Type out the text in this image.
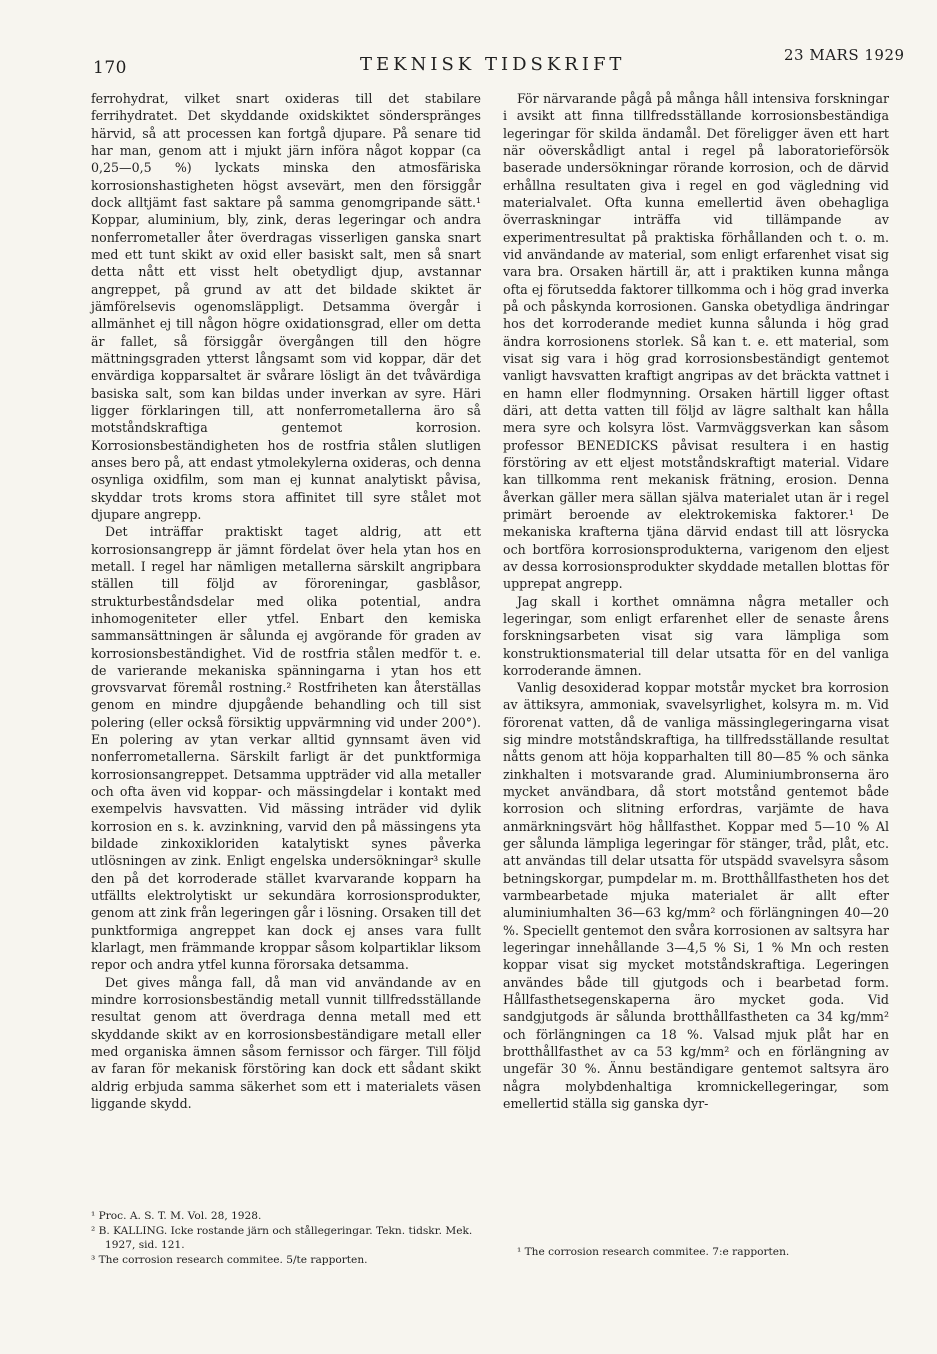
170	TEKNISK TIDSKRIFT	23 MARS 1929

ferrohydrat, vilket snart oxideras till det stabilare ferrihydratet. Det skyddande oxidskiktet sönderspränges härvid, så att processen kan fortgå djupare. På senare tid har man, genom att i mjukt järn införa något koppar (ca 0,25—0,5 %) lyckats minska den atmosfäriska korrosionshastigheten högst avsevärt, men den försiggår dock alltjämt fast saktare på samma genomgripande sätt.¹ Koppar, aluminium, bly, zink, deras legeringar och andra nonferrometaller åter överdragas visserligen ganska snart med ett tunt skikt av oxid eller basiskt salt, men så snart detta nått ett visst helt obetydligt djup, avstannar angreppet, på grund av att det bildade skiktet är jämförelsevis ogenomsläppligt. Detsamma övergår i allmänhet ej till någon högre oxidationsgrad, eller om detta är fallet, så försiggår övergången till den högre mättningsgraden ytterst långsamt som vid koppar, där det envärdiga kopparsaltet är svårare lösligt än det tvåvärdiga basiska salt, som kan bildas under inverkan av syre. Häri ligger förklaringen till, att nonferrometallerna äro så motståndskraftiga gentemot korrosion. Korrosionsbeständigheten hos de rostfria stålen slutligen anses bero på, att endast ytmolekylerna oxideras, och denna osynliga oxidfilm, som man ej kunnat analytiskt påvisa, skyddar trots kroms stora affinitet till syre stålet mot djupare angrepp.

Det inträffar praktiskt taget aldrig, att ett korrosionsangrepp är jämnt fördelat över hela ytan hos en metall. I regel har nämligen metallerna särskilt angripbara ställen till följd av föroreningar, gasblåsor, strukturbeståndsdelar med olika potential, andra inhomogeniteter eller ytfel. Enbart den kemiska sammansättningen är sålunda ej avgörande för graden av korrosionsbeständighet. Vid de rostfria stålen medför t. e. de varierande mekaniska spänningarna i ytan hos ett grovsvarvat föremål rostning.² Rostfriheten kan återställas genom en mindre djupgående behandling och till sist polering (eller också försiktig uppvärmning vid under 200°). En polering av ytan verkar alltid gynnsamt även vid nonferrometallerna. Särskilt farligt är det punktformiga korrosionsangreppet. Detsamma uppträder vid alla metaller och ofta även vid koppar- och mässingdelar i kontakt med exempelvis havsvatten. Vid mässing inträder vid dylik korrosion en s. k. avzinkning, varvid den på mässingens yta bildade zinkoxikloriden katalytiskt synes påverka utlösningen av zink. Enligt engelska undersökningar³ skulle den på det korroderade stället kvarvarande kopparn ha utfällts elektrolytiskt ur sekundära korrosionsprodukter, genom att zink från legeringen går i lösning. Orsaken till det punktformiga angreppet kan dock ej anses vara fullt klarlagt, men främmande kroppar såsom kolpartiklar liksom repor och andra ytfel kunna förorsaka detsamma.

Det gives många fall, då man vid användande av en mindre korrosionsbeständig metall vunnit tillfredsställande resultat genom att överdraga denna metall med ett skyddande skikt av en korrosionsbeständigare metall eller med organiska ämnen såsom fernissor och färger. Till följd av faran för mekanisk förstöring kan dock ett sådant skikt aldrig erbjuda samma säkerhet som ett i materialets väsen liggande skydd.

¹ Proc. A. S. T. M. Vol. 28, 1928.

² B. KALLING. Icke rostande järn och stållegeringar. Tekn. tidskr. Mek. 1927, sid. 121.

³ The corrosion research commitee. 5/te rapporten.

För närvarande pågå på många håll intensiva forskningar i avsikt att finna tillfredsställande korrosionsbeständiga legeringar för skilda ändamål. Det föreligger även ett hart när oöverskådligt antal i regel på laboratorieförsök baserade undersökningar rörande korrosion, och de därvid erhållna resultaten giva i regel en god vägledning vid materialvalet. Ofta kunna emellertid även obehagliga överraskningar inträffa vid tillämpande av experimentresultat på praktiska förhållanden och t. o. m. vid användande av material, som enligt erfarenhet visat sig vara bra. Orsaken härtill är, att i praktiken kunna många ofta ej förutsedda faktorer tillkomma och i hög grad inverka på och påskynda korrosionen. Ganska obetydliga ändringar hos det korroderande mediet kunna sålunda i hög grad ändra korrosionens storlek. Så kan t. e. ett material, som visat sig vara i hög grad korrosionsbeständigt gentemot vanligt havsvatten kraftigt angripas av det bräckta vattnet i en hamn eller flodmynning. Orsaken härtill ligger oftast däri, att detta vatten till följd av lägre salthalt kan hålla mera syre och kolsyra löst. Varmväggsverkan kan såsom professor BENEDICKS påvisat resultera i en hastig förstöring av ett eljest motståndskraftigt material. Vidare kan tillkomma rent mekanisk frätning, erosion. Denna åverkan gäller mera sällan själva materialet utan är i regel primärt beroende av elektrokemiska faktorer.¹ De mekaniska krafterna tjäna därvid endast till att lösrycka och bortföra korrosionsprodukterna, varigenom den eljest av dessa korrosionsprodukter skyddade metallen blottas för upprepat angrepp.

Jag skall i korthet omnämna några metaller och legeringar, som enligt erfarenhet eller de senaste årens forskningsarbeten visat sig vara lämpliga som konstruktionsmaterial till delar utsatta för en del vanliga korroderande ämnen.

Vanlig desoxiderad koppar motstår mycket bra korrosion av ättiksyra, ammoniak, svavelsyrlighet, kolsyra m. m. Vid förorenat vatten, då de vanliga mässinglegeringarna visat sig mindre motståndskraftiga, ha tillfredsställande resultat nåtts genom att höja kopparhalten till 80—85 % och sänka zinkhalten i motsvarande grad. Aluminiumbronserna äro mycket användbara, då stort motstånd gentemot både korrosion och slitning erfordras, varjämte de hava anmärkningsvärt hög hållfasthet. Koppar med 5—10 % Al ger sålunda lämpliga legeringar för stänger, tråd, plåt, etc. att användas till delar utsatta för utspädd svavelsyra såsom betningskorgar, pumpdelar m. m. Brotthållfastheten hos det varmbearbetade mjuka materialet är allt efter aluminiumhalten 36—63 kg/mm² och förlängningen 40—20 %. Speciellt gentemot den svåra korrosionen av saltsyra har legeringar innehållande 3—4,5 % Si, 1 % Mn och resten koppar visat sig mycket motståndskraftiga. Legeringen användes både till gjutgods och i bearbetad form. Hållfasthetsegenskaperna äro mycket goda. Vid sandgjutgods är sålunda brotthållfastheten ca 34 kg/mm² och förlängningen ca 18 %. Valsad mjuk plåt har en brotthållfasthet av ca 53 kg/mm² och en förlängning av ungefär 30 %. Ännu beständigare gentemot saltsyra äro några molybdenhaltiga kromnickellegeringar, som emellertid ställa sig ganska dyr-

¹ The corrosion research commitee. 7:e rapporten.
